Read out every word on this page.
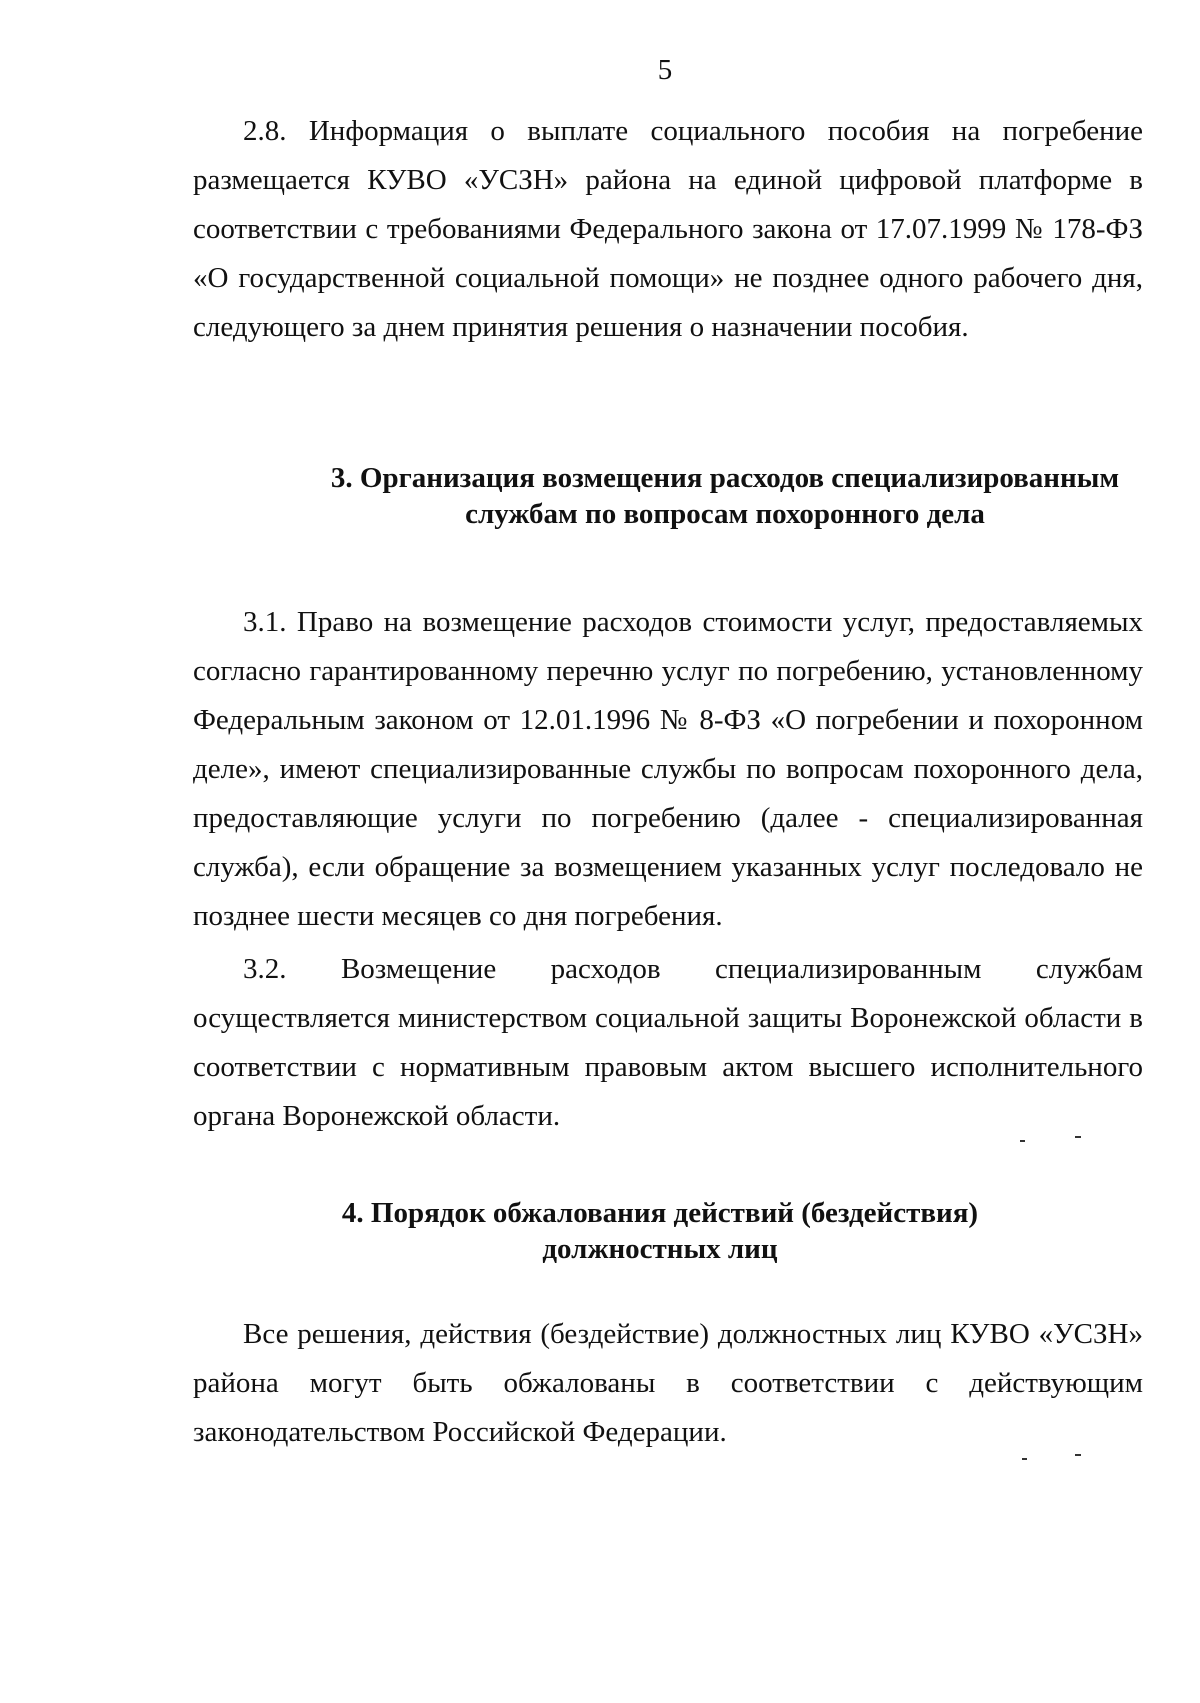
5

2.8. Информация о выплате социального пособия на погребение размещается КУВО «УСЗН» района на единой цифровой платформе в соответствии с требованиями Федерального закона от 17.07.1999 № 178-ФЗ «О государственной социальной помощи» не позднее одного рабочего дня, следующего за днем принятия решения о назначении пособия.

3. Организация возмещения расходов специализированным
службам по вопросам похоронного дела

3.1. Право на возмещение расходов стоимости услуг, предоставляемых согласно гарантированному перечню услуг по погребению, установленному Федеральным законом от 12.01.1996 № 8-ФЗ «О погребении и похоронном деле», имеют специализированные службы по вопросам похоронного дела, предоставляющие услуги по погребению (далее - специализированная служба), если обращение за возмещением указанных услуг последовало не позднее шести месяцев со дня погребения.

3.2. Возмещение расходов специализированным службам осуществляется министерством социальной защиты Воронежской области в соответствии с нормативным правовым актом высшего исполнительного органа Воронежской области.

4. Порядок обжалования действий (бездействия)
должностных лиц

Все решения, действия (бездействие) должностных лиц КУВО «УСЗН» района могут быть обжалованы в соответствии с действующим законодательством Российской Федерации.
